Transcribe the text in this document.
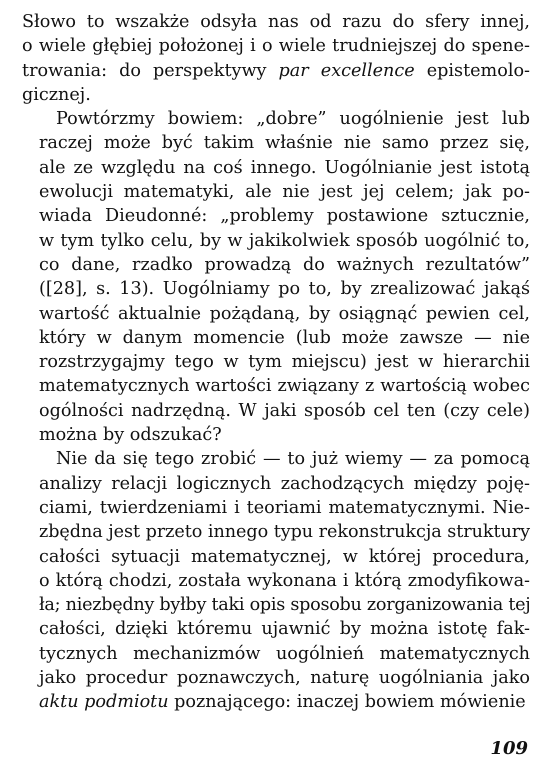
Słowo to wszakże odsyła nas od razu do sfery innej,
o wiele głębiej położonej i o wiele trudniejszej do spene-
trowania: do perspektywy par excellence epistemolo-
gicznej.
Powtórzmy bowiem: „dobre” uogólnienie jest lub
raczej może być takim właśnie nie samo przez się,
ale ze względu na coś innego. Uogólnianie jest istotą
ewolucji matematyki, ale nie jest jej celem; jak po-
wiada Dieudonné: „problemy postawione sztucznie,
w tym tylko celu, by w jakikolwiek sposób uogólnić to,
co dane, rzadko prowadzą do ważnych rezultatów”
([28], s. 13). Uogólniamy po to, by zrealizować jakąś
wartość aktualnie pożądaną, by osiągnąć pewien cel,
który w danym momencie (lub może zawsze — nie
rozstrzygajmy tego w tym miejscu) jest w hierarchii
matematycznych wartości związany z wartością wobec
ogólności nadrzędną. W jaki sposób cel ten (czy cele)
można by odszukać?
Nie da się tego zrobić — to już wiemy — za pomocą
analizy relacji logicznych zachodzących między poję-
ciami, twierdzeniami i teoriami matematycznymi. Nie-
zbędna jest przeto innego typu rekonstrukcja struktury
całości sytuacji matematycznej, w której procedura,
o którą chodzi, została wykonana i którą zmodyfikowa-
ła; niezbędny byłby taki opis sposobu zorganizowania tej
całości, dzięki któremu ujawnić by można istotę fak-
tycznych mechanizmów uogólnień matematycznych
jako procedur poznawczych, naturę uogólniania jako
aktu podmiotu poznającego: inaczej bowiem mówienie
109
